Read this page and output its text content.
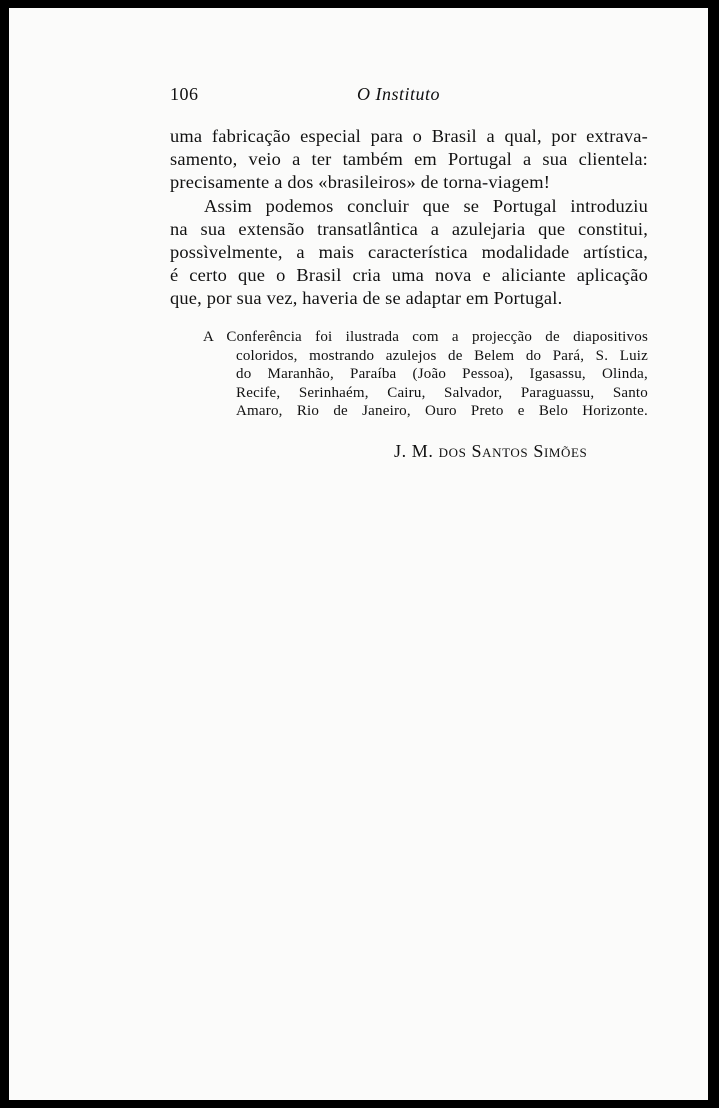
106	O Instituto
uma fabricação especial para o Brasil a qual, por extrava-
samento, veio a ter também em Portugal a sua clientela:
precisamente a dos «brasileiros» de torna-viagem!
Assim podemos concluir que se Portugal introduziu
na sua extensão transatlântica a azulejaria que constitui,
possìvelmente, a mais característica modalidade artística,
é certo que o Brasil cria uma nova e aliciante aplicação
que, por sua vez, haveria de se adaptar em Portugal.
A Conferência foi ilustrada com a projecção de diapositivos
coloridos, mostrando azulejos de Belem do Pará, S. Luiz
do Maranhão, Paraíba (João Pessoa), Igasassu, Olinda,
Recife, Serinhaém, Cairu, Salvador, Paraguassu, Santo
Amaro, Rio de Janeiro, Ouro Preto e Belo Horizonte.
J. M. dos Santos Simões
